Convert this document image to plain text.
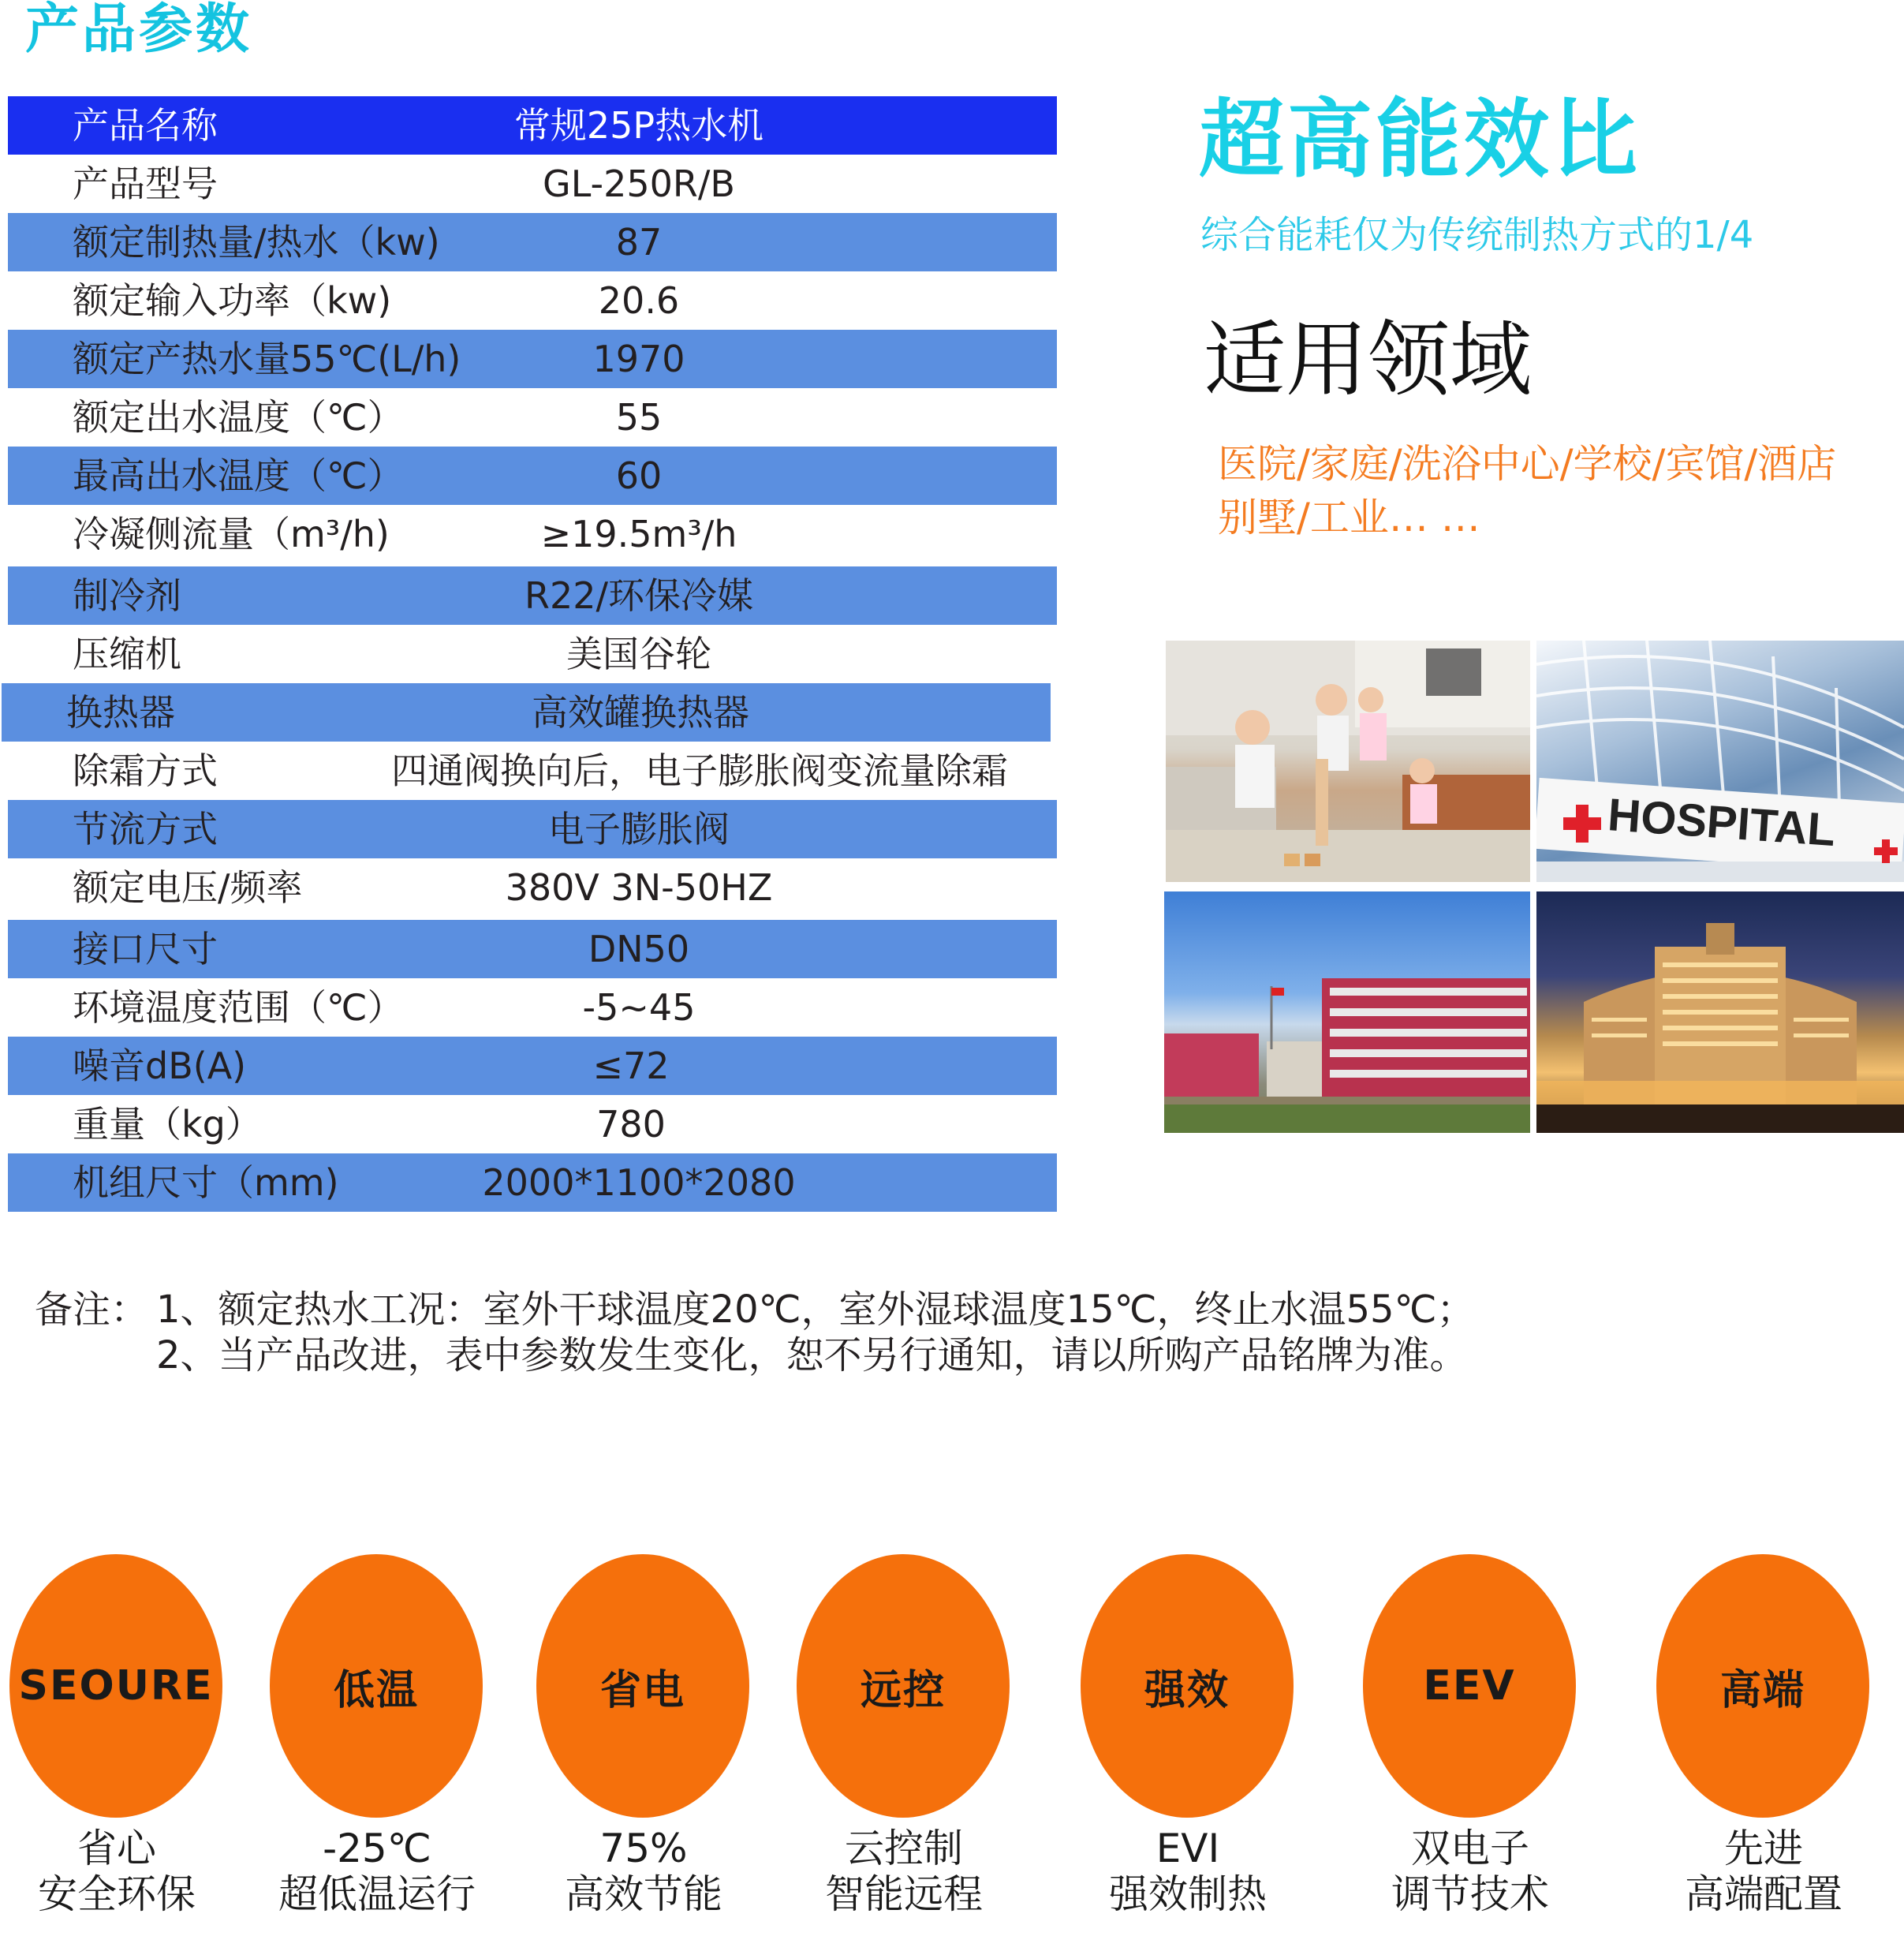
产品参数
产品名称	常规25P热水机
产品型号	GL-250R/B
额定制热量/热水（kw)	87
额定输入功率（kw)	20.6
额定产热水量55℃(L/h)	1970
额定出水温度（℃）	55
最高出水温度（℃）	60
冷凝侧流量（m³/h)	≥19.5m³/h
制冷剂	R22/环保冷媒
压缩机	美国谷轮
换热器	高效罐换热器
除霜方式	四通阀换向后，电子膨胀阀变流量除霜
节流方式	电子膨胀阀
额定电压/频率	380V 3N-50HZ
接口尺寸	DN50
环境温度范围（℃）	-5~45
噪音dB(A)	≤72
重量（kg）	780
机组尺寸（mm)	2000*1100*2080
超高能效比
综合能耗仅为传统制热方式的1/4
适用领域
医院/家庭/洗浴中心/学校/宾馆/酒店
别墅/工业… …
HOSPITAL
备注： 1、额定热水工况：室外干球温度20℃，室外湿球温度15℃，终止水温55℃；
2、当产品改进，表中参数发生变化，恕不另行通知，请以所购产品铭牌为准。
SEOURE
省心
安全环保
低温
-25℃
超低温运行
省电
75%
高效节能
远控
云控制
智能远程
强效
EVI
强效制热
EEV
双电子
调节技术
高端
先进
高端配置
